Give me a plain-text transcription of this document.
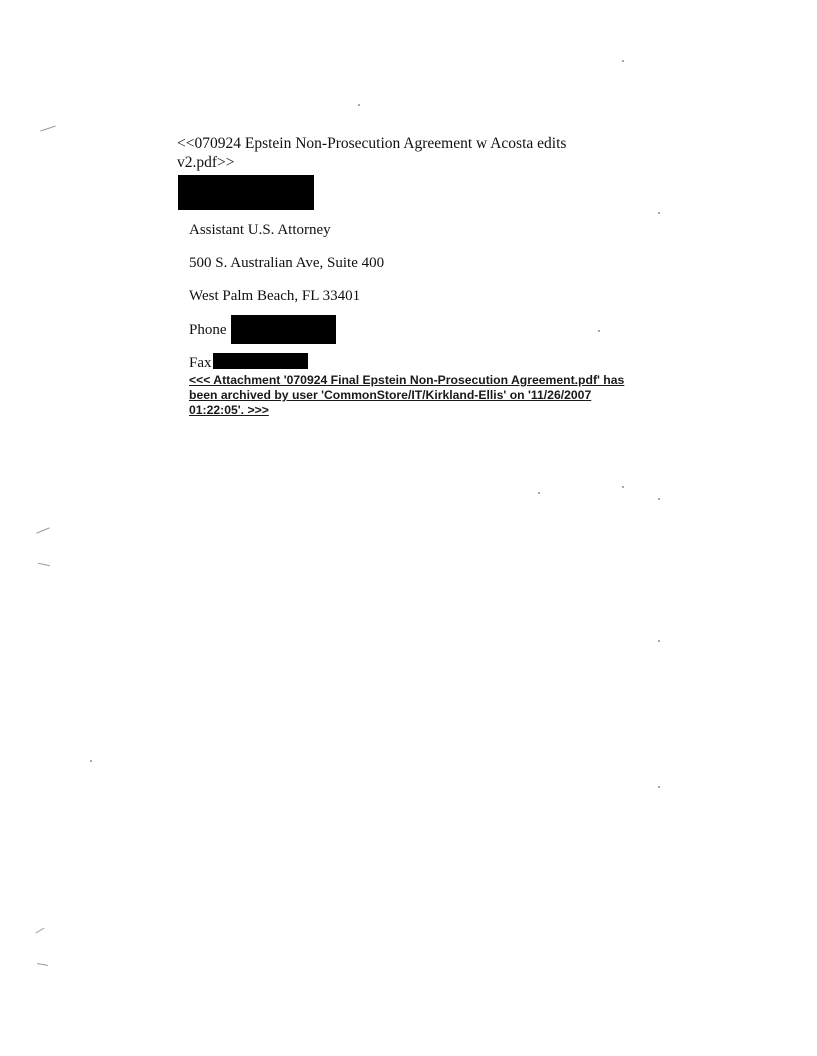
<<070924 Epstein Non-Prosecution Agreement w Acosta edits v2.pdf>>
Assistant U.S. Attorney
500 S. Australian Ave, Suite 400
West Palm Beach, FL 33401
Phone
Fax
<<< Attachment '070924 Final Epstein Non-Prosecution Agreement.pdf' has been archived by user 'CommonStore/IT/Kirkland-Ellis' on '11/26/2007 01:22:05'. >>>
